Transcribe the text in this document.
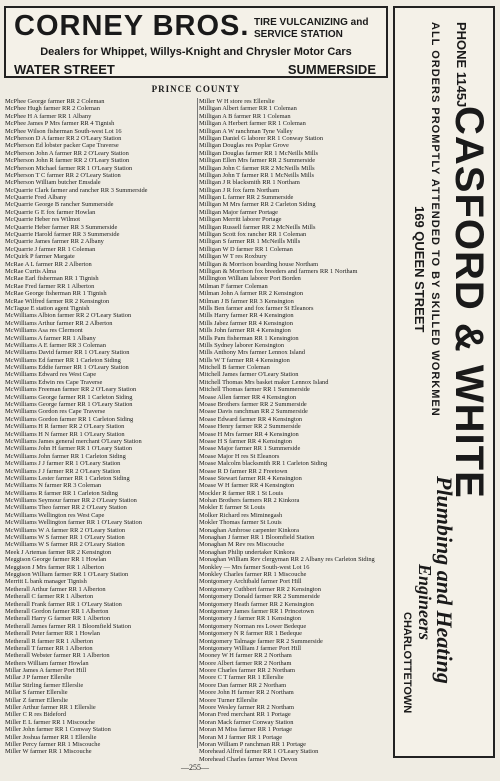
CORNEY BROS. TIRE VULCANIZING and
SERVICE STATION
Dealers for Whippet, Willys-Knight and Chrysler Motor Cars
WATER STREET	SUMMERSIDE
PRINCE COUNTY
McPhee George farmer RR 2 Coleman
McPhee Hugh farmer RR 2 Coleman
McPhee H A farmer RR 1 Albany
McPhee James P Mrs farmer RR 4 Tignish
McPhee Wilson fisherman South-west Lot 16
McPherson D A farmer RR 2 O'Leary Station
McPherson Ed lobster packer Cape Traverse
McPherson John A farmer RR 2 O'Leary Station
McPherson John R farmer RR 2 O'Leary Station
McPherson Michael farmer RR 1 O'Leary Station
McPherson T C farmer RR 2 O'Leary Station
McPherson William butcher Emsdale
McQuarrie Clark farmer and rancher RR 3 Summerside
McQuarrie Fred Albany
McQuarrie George B rancher Summerside
McQuarrie G E fox farmer Howlan
McQuarrie Heber res Wilmot
McQuarrie Heber farmer RR 3 Summerside
McQuarrie Harold farmer RR 3 Summerside
McQuarrie James farmer RR 2 Albany
McQuarrie J farmer RR 1 Coleman
McQuirk P farmer Margate
McRae A L farmer RR 2 Alberton
McRae Curtis Alma
McRae Earl fisherman RR 1 Tignish
McRae Fred farmer RR 1 Alberton
McRae George fisherman RR 1 Tignish
McRae Wilfred farmer RR 2 Kensington
McTague E station agent Tignish
McWilliams Albion farmer RR 2 O'Leary Station
McWilliams Arthur farmer RR 2 Alberton
McWilliams Asa res Clermont
McWilliams A farmer RR 1 Albany
McWilliams A E farmer RR 3 Coleman
McWilliams David farmer RR 1 O'Leary Station
McWilliams Ed farmer RR 1 Carleton Siding
McWilliams Eddie farmer RR 1 O'Leary Station
McWilliams Edward res West Cape
McWilliams Edwin res Cape Traverse
McWilliams Freeman farmer RR 2 O'Leary Station
McWilliams George farmer RR 1 Carleton Siding
McWilliams George farmer RR 1 O'Leary Station
McWilliams Gordon res Cape Traverse
McWilliams Gordon farmer RR 1 Carleton Siding
McWilliams H R farmer RR 2 O'Leary Station
McWilliams H N farmer RR 1 O'Leary Station
McWilliams James general merchant O'Leary Station
McWilliams John H farmer RR 1 O'Leary Station
McWilliams John farmer RR 1 Carleton Siding
McWilliams J J farmer RR 1 O'Leary Station
McWilliams J J farmer RR 2 O'Leary Station
McWilliams Lester farmer RR 1 Carleton Siding
McWilliams N farmer RR 3 Coleman
McWilliams R farmer RR 1 Carleton Siding
McWilliams Seymour farmer RR 2 O'Leary Station
McWilliams Theo farmer RR 2 O'Leary Station
McWilliams Wellington res West Cape
McWilliams Wellington farmer RR 1 O'Leary Station
McWilliams W A farmer RR 2 O'Leary Station
McWilliams W S farmer RR 1 O'Leary Station
McWilliams W S farmer RR 2 O'Leary Station
Meek J Artemas farmer RR 2 Kensington
Meggison George farmer RR 1 Howlan
Meggison J Mrs farmer RR 1 Alberton
Meggison William farmer RR 1 O'Leary Station
Merritt L bank manager Tignish
Metherall Arthur farmer RR 1 Alberton
Metherall C farmer RR 1 Alberton
Metherall Frank farmer RR 1 O'Leary Station
Metherall Gordon farmer RR 1 Alberton
Metherall Harry G farmer RR 1 Alberton
Metherall James farmer RR 1 Bloomfield Station
Metherall Peter farmer RR 1 Howlan
Metherall R farmer RR 1 Alberton
Metherall T farmer RR 1 Alberton
Metherall Webster farmer RR 1 Alberton
Methers William farmer Howlan
Millar James A farmer Port Hill
Millar J P farmer Ellerslie
Millar Stirling farmer Ellerslie
Millar S farmer Ellerslie
Millar Z farmer Ellerslie
Miller Arthur farmer RR 1 Ellerslie
Miller C R res Bideford
Miller E L farmer RR 1 Miscouche
Miller John farmer RR 1 Conway Station
Miller Joshua farmer RR 1 Ellerslie
Miller Percy farmer RR 1 Miscouche
Miller W farmer RR 1 Miscouche
Miller W H store res Ellerslie
Milligan Albert farmer RR 1 Coleman
Milligan A B farmer RR 1 Coleman
Milligan A Herbert farmer RR 1 Coleman
Milligan A W ranchman Tyne Valley
Milligan Daniel G laborer RR 1 Conway Station
Milligan Douglas res Poplar Grove
Milligan Douglas farmer RR 1 McNeills Mills
Milligan Ellen Mrs farmer RR 2 Summerside
Milligan John C farmer RR 2 McNeills Mills
Milligan John T farmer RR 1 McNeills Mills
Milligan J R blacksmith RR 1 Northam
Milligan J R fox farm Northam
Milligan L farmer RR 2 Summerside
Milligan M Mrs farmer RR 2 Carleton Siding
Milligan Major farmer Portage
Milligan Merritt laborer Portage
Milligan Russell farmer RR 2 McNeills Mills
Milligan Scott fox rancher RR 1 Coleman
Milligan S farmer RR 1 McNeills Mills
Milligan W D farmer RR 1 Coleman
Milligan W T res Roxbury
Milligan & Morrison boarding house Northam
Milligan & Morrison fox breeders and farmers RR 1 Northam
Millington William laborer Port Borden
Milman F farmer Coleman
Milman John A farmer RR 2 Kensington
Milman J B farmer RR 3 Kensington
Mills Ben farmer and fox farmer St Eleanors
Mills Harry farmer RR 4 Kensington
Mills Jabez farmer RR 4 Kensington
Mills John farmer RR 4 Kensington
Mills Pam fisherman RR 1 Kensington
Mills Sydney laborer Kensington
Mills Anthony Mrs farmer Lennox Island
Mills W T farmer RR 4 Kensington
Mitchell B farmer Coleman
Mitchell James farmer O'Leary Station
Mitchell Thomas Mrs basket maker Lennox Island
Mitchell Thomas farmer RR 1 Summerside
Moase Allen farmer RR 4 Kensington
Moase Brothers farmer RR 2 Summerside
Moase Davis ranchman RR 2 Summerside
Moase Edward farmer RR 4 Kensington
Moase Henry farmer RR 2 Summerside
Moase H Mrs farmer RR 4 Kensington
Moase H S farmer RR 4 Kensington
Moase Major farmer RR 1 Summerside
Moase Major H res St Eleanors
Moase Malcolm blacksmith RR 1 Carleton Siding
Moase R D farmer RR 2 Freetown
Moase Stewart farmer RR 4 Kensington
Moase W H farmer RR 4 Kensington
Mockler R farmer RR 1 St Louis
Mohan Brothers farmers RR 2 Kinkora
Mokler E farmer St Louis
Molker Richard res Miminegash
Mokler Thomas farmer St Louis
Monaghan Ambrose carpenter Kinkora
Monaghan J farmer RR 1 Bloomfield Station
Monaghan M Rev res Miscouche
Monaghan Philip undertaker Kinkora
Monaghan William Rev clergyman RR 2 Albany res Carleton Siding
Monkley — Mrs farmer South-west Lot 16
Monkley Charles farmer RR 1 Miscouche
Montgomery Archibald farmer Port Hill
Montgomery Cuthbert farmer RR 2 Kensington
Montgomery Donald farmer RR 2 Summerside
Montgomery Heath farmer RR 2 Kensington
Montgomery James farmer RR 1 Princetown
Montgomery J farmer RR 1 Kensington
Montgomery Norman res Lower Bedeque
Montgomery N R farmer RR 1 Bedeque
Montgomery Talmage farmer RR 2 Summerside
Montgomery William J farmer Port Hill
Mooney W H farmer RR 2 Northam
Moore Albert farmer RR 2 Northam
Moore Charles farmer RR 2 Northam
Moore C T farmer RR 1 Ellerslie
Moore Dan farmer RR 2 Northam
Moore John H farmer RR 2 Northam
Moore Turner Ellerslie
Moore Wesley farmer RR 2 Northam
Moran Fred merchant RR 1 Portage
Moran Mack farmer Conway Station
Moran M Miss farmer RR 1 Portage
Moran M J farmer RR 1 Portage
Moran William P ranchman RR 1 Portage
Morehead Alfred farmer RR 1 O'Leary Station
Morehead Charles farmer West Devon
PHONE 1145J
CASFORD & WHITE
Plumbing and Heating
ALL ORDERS PROMPTLY ATTENDED TO BY SKILLED WORKMEN
169 QUEEN STREET
Engineers
CHARLOTTETOWN
—255—
